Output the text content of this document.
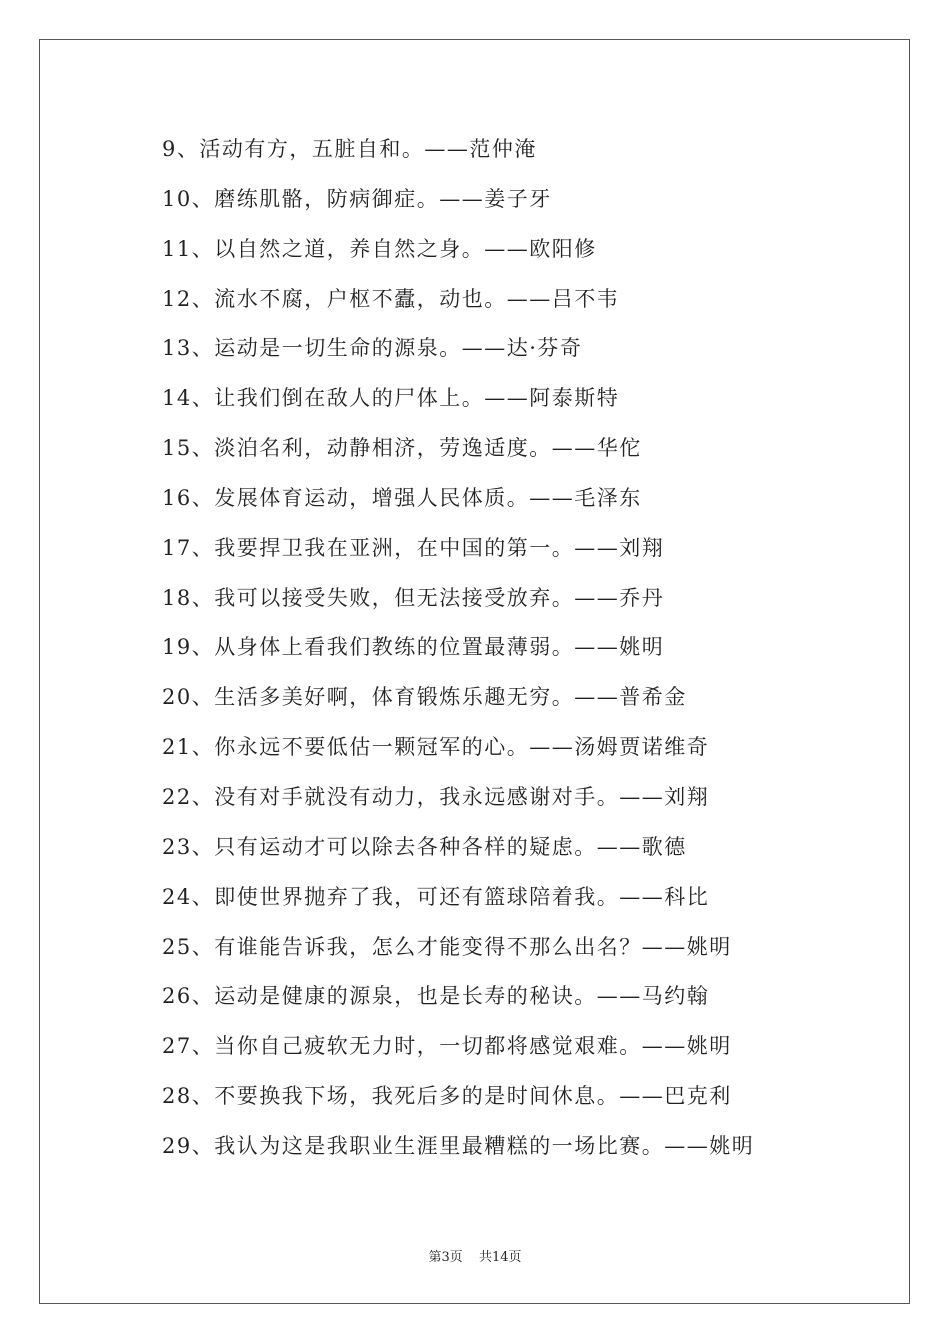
9、活动有方，五脏自和。——范仲淹
10、磨练肌骼，防病御症。——姜子牙
11、以自然之道，养自然之身。——欧阳修
12、流水不腐，户枢不蠹，动也。——吕不韦
13、运动是一切生命的源泉。——达·芬奇
14、让我们倒在敌人的尸体上。——阿泰斯特
15、淡泊名利，动静相济，劳逸适度。——华佗
16、发展体育运动，增强人民体质。——毛泽东
17、我要捍卫我在亚洲，在中国的第一。——刘翔
18、我可以接受失败，但无法接受放弃。——乔丹
19、从身体上看我们教练的位置最薄弱。——姚明
20、生活多美好啊，体育锻炼乐趣无穷。——普希金
21、你永远不要低估一颗冠军的心。——汤姆贾诺维奇
22、没有对手就没有动力，我永远感谢对手。——刘翔
23、只有运动才可以除去各种各样的疑虑。——歌德
24、即使世界抛弃了我，可还有篮球陪着我。——科比
25、有谁能告诉我，怎么才能变得不那么出名？——姚明
26、运动是健康的源泉，也是长寿的秘诀。——马约翰
27、当你自己疲软无力时，一切都将感觉艰难。——姚明
28、不要换我下场，我死后多的是时间休息。——巴克利
29、我认为这是我职业生涯里最糟糕的一场比赛。——姚明
第3页 共14页
